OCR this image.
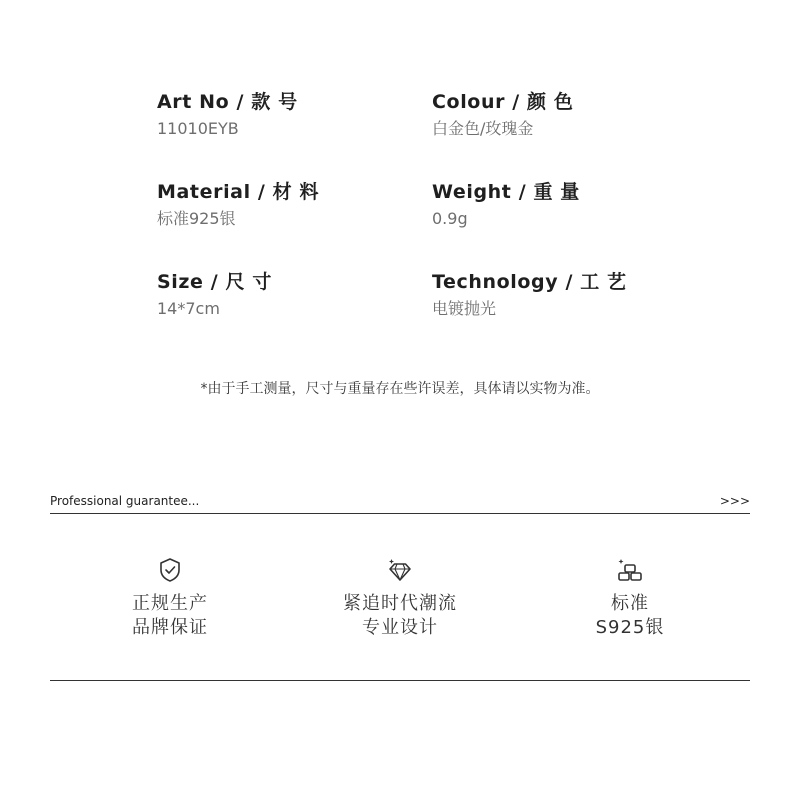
Art No / 款 号
11010EYB
Colour / 颜 色
白金色/玫瑰金
Material / 材 料
标准925银
Weight / 重 量
0.9g
Size / 尺 寸
14*7cm
Technology / 工 艺
电镀抛光
*由于手工测量，尺寸与重量存在些许误差，具体请以实物为准。
Professional guarantee...	>>>
正规生产
品牌保证
紧追时代潮流
专业设计
标准
S925银
